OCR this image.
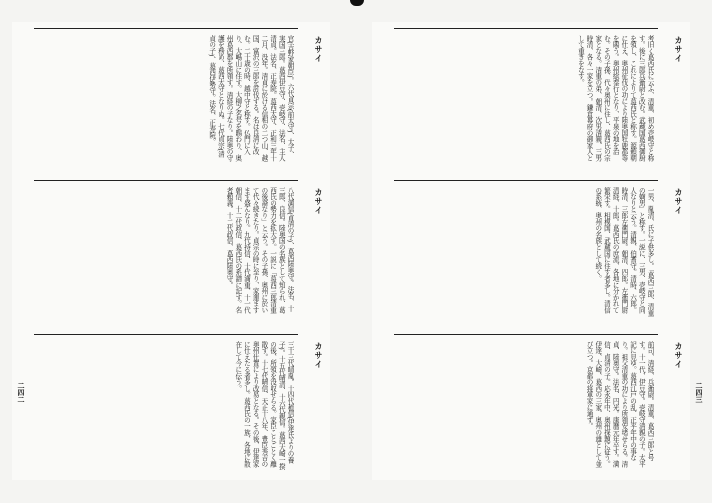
官(吉野家朝臣)。六代貞宗(前太守)、太子、実国三郎。葛西伊豆守、壱岐守、法名、主人清貞。法名、正寿院。葛西太守、正和三年十二月、没年。清貞に於ける信相の二つ山、越国、富沢の三郎を討伐する。名は良清に改む。二十歳の時、越中守と称す。仏門に入り、大嶋山に住す。大柳之名号を賜わり、奥州葛西郡を所領す。清経の子なり。陸奥の守護を務め、葛西太守となりぬ。七代貞宗(清貞の子)、葛西伊勢守。法名、正寿院。
八代満信(貞清の子)、葛西陸奥守。法名、十三郎、良信。陸奥国の名族として知られ、葛西氏の勢力を拡大す。一説に「葛西三郎清重の後裔なり」と云う。その子孫、奥州に於いて代々続きたり。貞宗の時に至り、家運ますます盛んなり。九代持信、十代満重、十一代朝信、十二代政信、葛西氏の系譜に記す。名者頼義。十二代政信、葛西陸奥守。
三十三代晴胤。十四代稙信(伊達氏よりの養子)。十五代晴清、十六代親信。葛西大崎一揆の後、所領を没収せらる。家臣ことごとく離散す。十七代晴信、天正十八年、豊臣秀吉の奥州仕置により改易となる。その後、伊達家に仕えたる者多し。葛西氏の一族、各地に散在して今に伝う。
カサイ
カサイ
カサイ
二四二
考旧く葛西氏に云ふ、清重、初め壱岐守と称す。後に三郎兵衛尉と改む。武蔵国葛西御厨を領し、これによりて葛西氏と称す。源頼朝に仕え、奥州征伐の功により陸奥国牡鹿郡等を賜う。奥州総奉行となり、平泉の地を治む。その子孫、代々奥州に住し、葛西氏の宗家となる。清重の弟、朝清、次男清親、三男時清、各々一家を立つ。鎌倉幕府の御家人として重きをなす。
一男、胤清、氏に子供多し。「葛西三郎、清重の嫡男」と称す。一説に、三男、壱岐守と同人なりと云う。清親、伯耆守。清時、六郎。時清、三郎左衛門尉。朝清、四郎。左衛門尉清経、十郎。葛西氏の庶流、各地に分かれて繁栄す。相模国、武蔵国に住す者多し。清信の系統、奥州の名族として続く。
前司、清経、兵衛尉。清重、葛西三郎と号す。十一代、伊豆守。壱岐守清親の子。太平記に見ゆ。葛西江戸の乱、正平年中の事なり。祖父清重の功により所領安堵せらる。清貞、陸奥守。法名、円光。康暦元年卒す。満信、貞清の子。応永年中、奥州探題に従う。伊達、大崎、葛西の三家、奥州の雄として並び立つ。京都の将軍家に通ず。
カサイ
カサイ
カサイ
二四三
